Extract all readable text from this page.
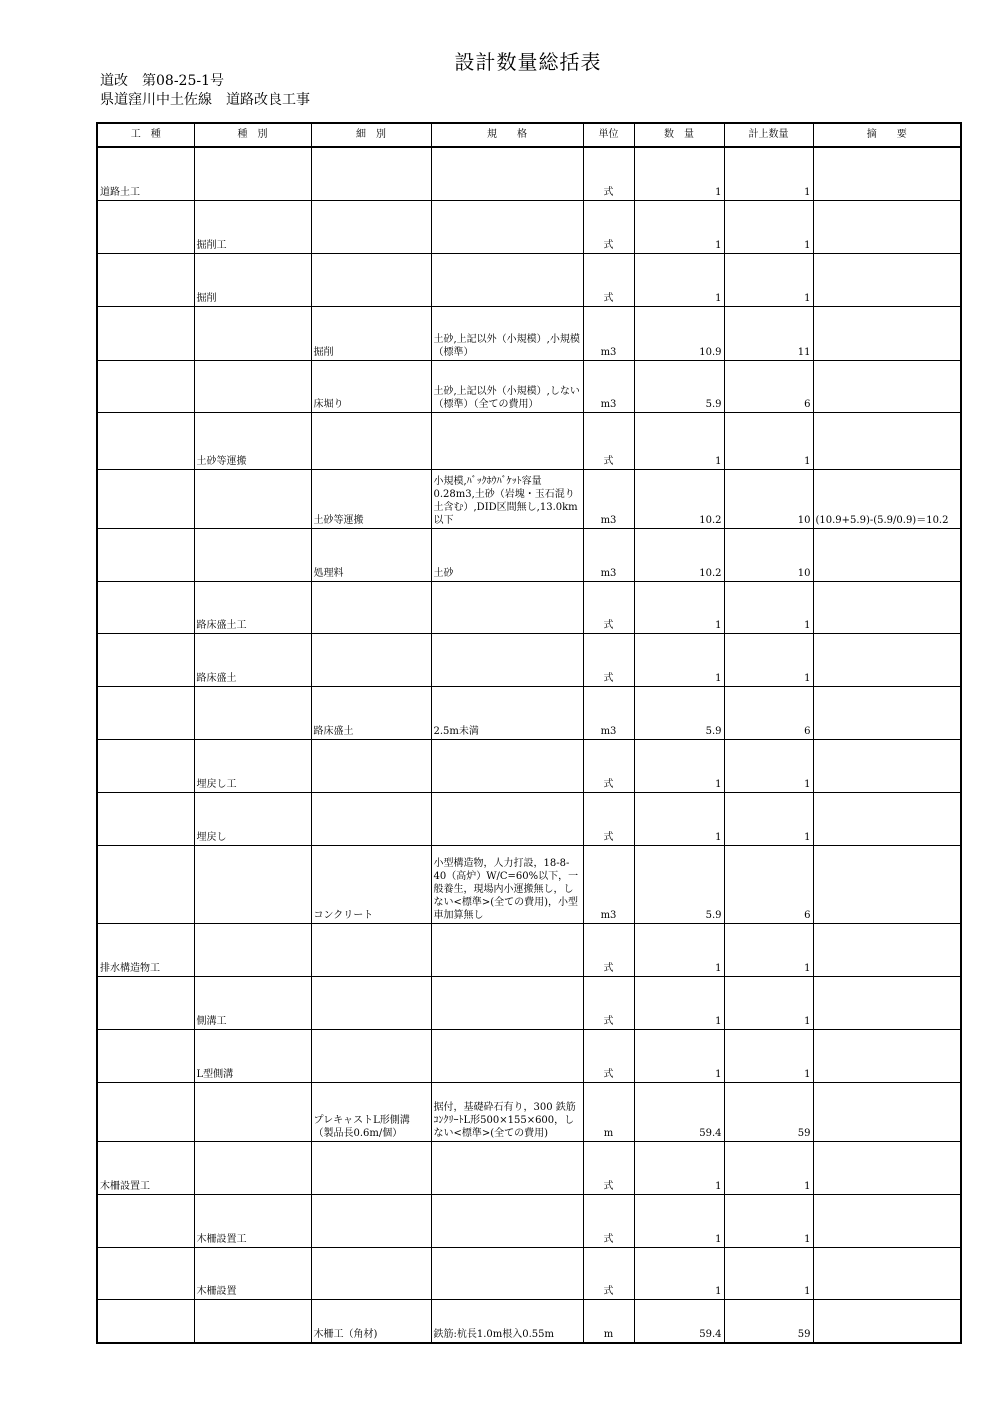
設計数量総括表
道改　第08-25-1号
県道窪川中土佐線　道路改良工事
工　種	種　別	細　別	規　　格	単位	数　量	計上数量	摘　　要
道路土工				式	1	1	
	掘削工			式	1	1	
	掘削			式	1	1	
		掘削	土砂,上記以外（小規模）,小規模（標準）	m3	10.9	11	
		床堀り	土砂,上記以外（小規模）,しない（標準）（全ての費用）	m3	5.9	6	
	土砂等運搬			式	1	1	
		土砂等運搬	小規模,ﾊﾞｯｸﾎｳﾊﾞｹｯﾄ容量0.28m3,土砂（岩塊・玉石混り土含む）,DID区間無し,13.0km以下	m3	10.2	10	(10.9+5.9)-(5.9/0.9)＝10.2
		処理料	土砂	m3	10.2	10	
	路床盛土工			式	1	1	
	路床盛土			式	1	1	
		路床盛土	2.5m未満	m3	5.9	6	
	埋戻し工			式	1	1	
	埋戻し			式	1	1	
		コンクリート	小型構造物，人力打設，18-8-40（高炉）W/C=60%以下，一般養生，現場内小運搬無し，しない<標準>(全ての費用)，小型車加算無し	m3	5.9	6	
排水構造物工				式	1	1	
	側溝工			式	1	1	
	L型側溝			式	1	1	
		プレキャストL形側溝（製品長0.6m/個）	据付，基礎砕石有り，300 鉄筋ｺﾝｸﾘｰﾄL形500×155×600，しない<標準>(全ての費用)	m	59.4	59	
木柵設置工				式	1	1	
	木柵設置工			式	1	1	
	木柵設置			式	1	1	
		木柵工（角材)	鉄筋:杭長1.0m根入0.55m	m	59.4	59	
